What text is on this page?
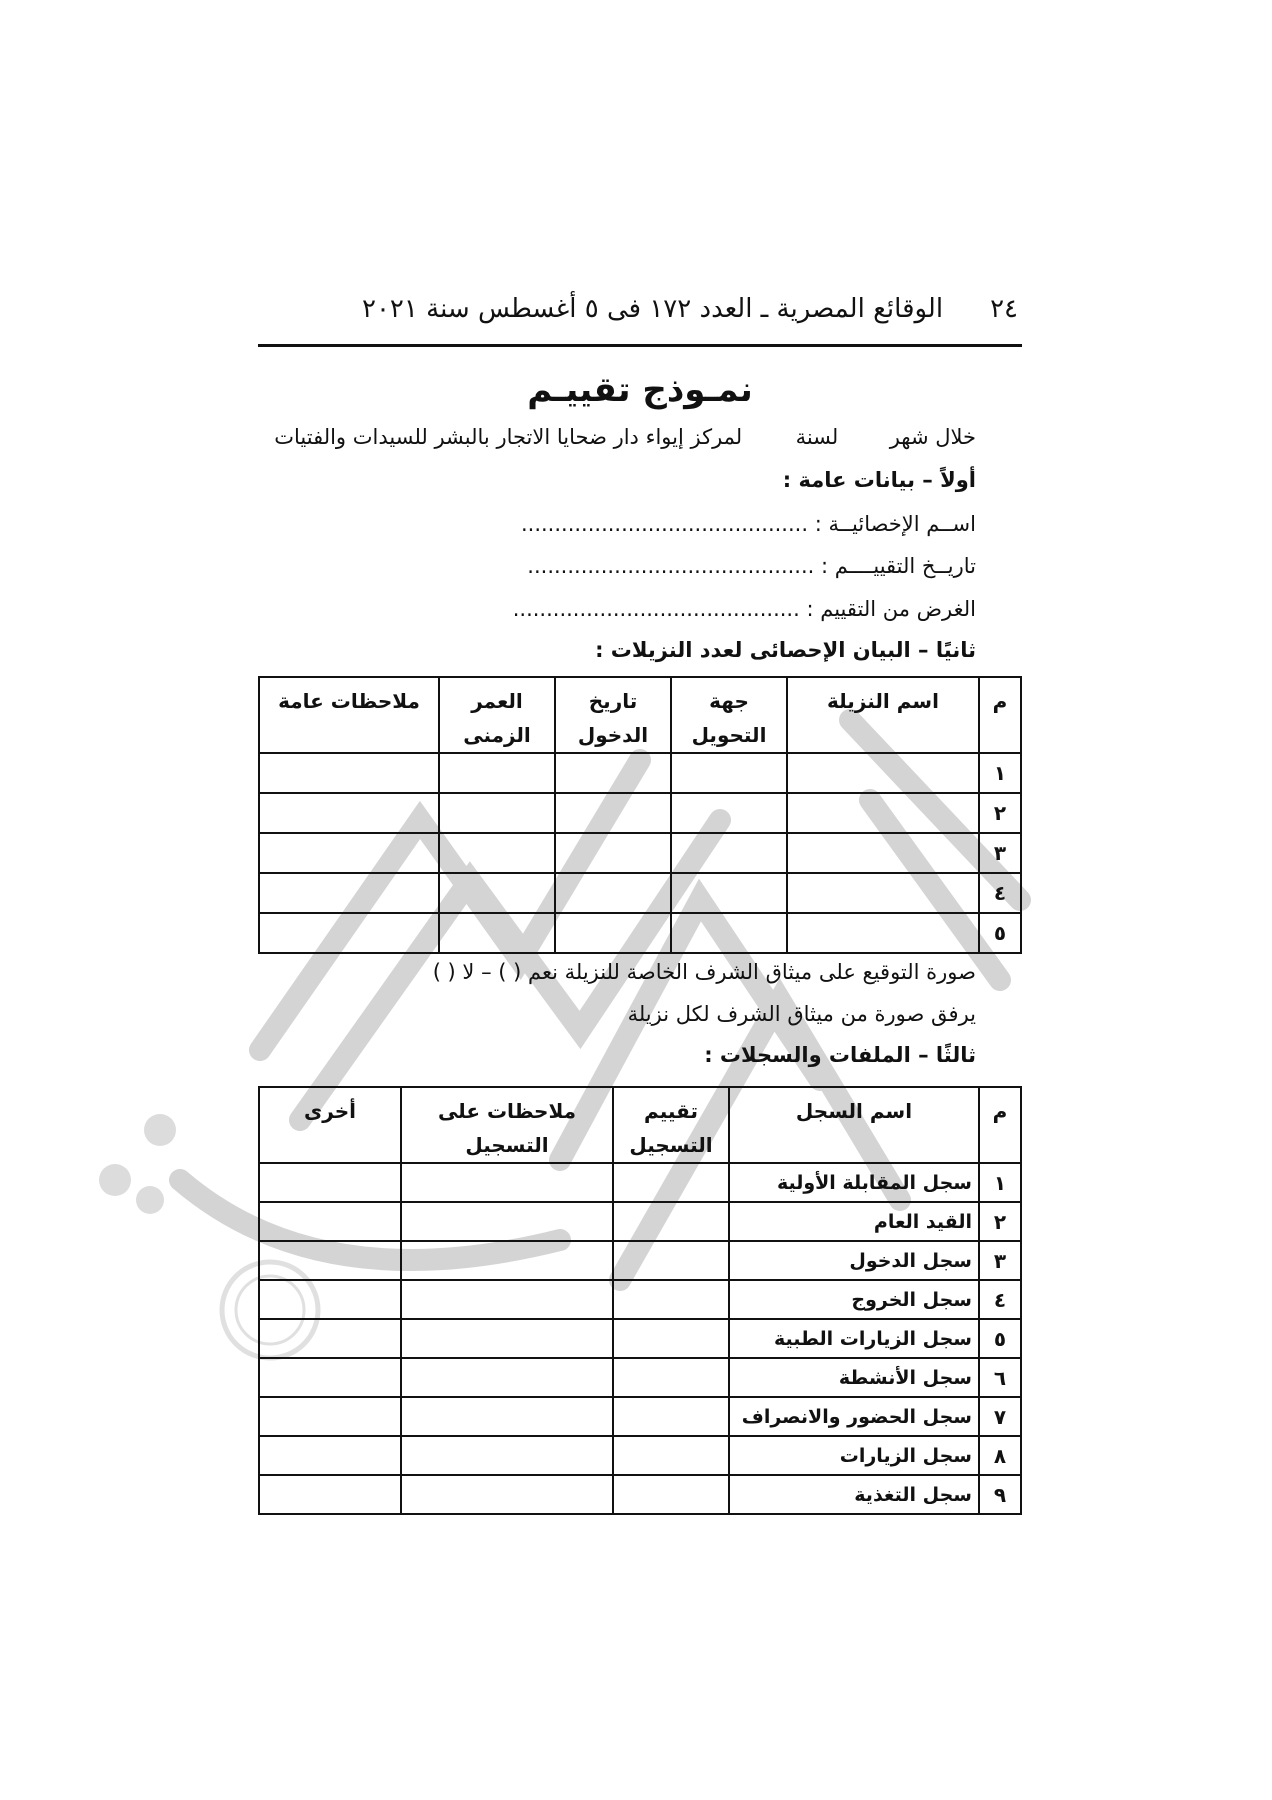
٢٤
الوقائع المصرية ـ العدد ١٧٢ فى ٥ أغسطس سنة ٢٠٢١
نمـوذج تقييـم
خلال شهر  لسنة  لمركز إيواء دار ضحايا الاتجار بالبشر للسيدات والفتيات
أولاً – بيانات عامة :
اســم الإخصائيــة : ...........................................
تاريــخ التقييــــم : ...........................................
الغرض من التقييم : ...........................................
ثانيًا – البيان الإحصائى لعدد النزيلات :
م	اسم النزيلة	جهة التحويل	تاريخ الدخول	العمر الزمنى	ملاحظات عامة
١					
٢					
٣					
٤					
٥					
صورة التوقيع على ميثاق الشرف الخاصة للنزيلة نعم ( ) – لا ( )
يرفق صورة من ميثاق الشرف لكل نزيلة
ثالثًا – الملفات والسجلات :
م	اسم السجل	تقييم التسجيل	ملاحظات على التسجيل	أخرى
١	سجل المقابلة الأولية			
٢	القيد العام			
٣	سجل الدخول			
٤	سجل الخروج			
٥	سجل الزيارات الطبية			
٦	سجل الأنشطة			
٧	سجل الحضور والانصراف			
٨	سجل الزيارات			
٩	سجل التغذية			
